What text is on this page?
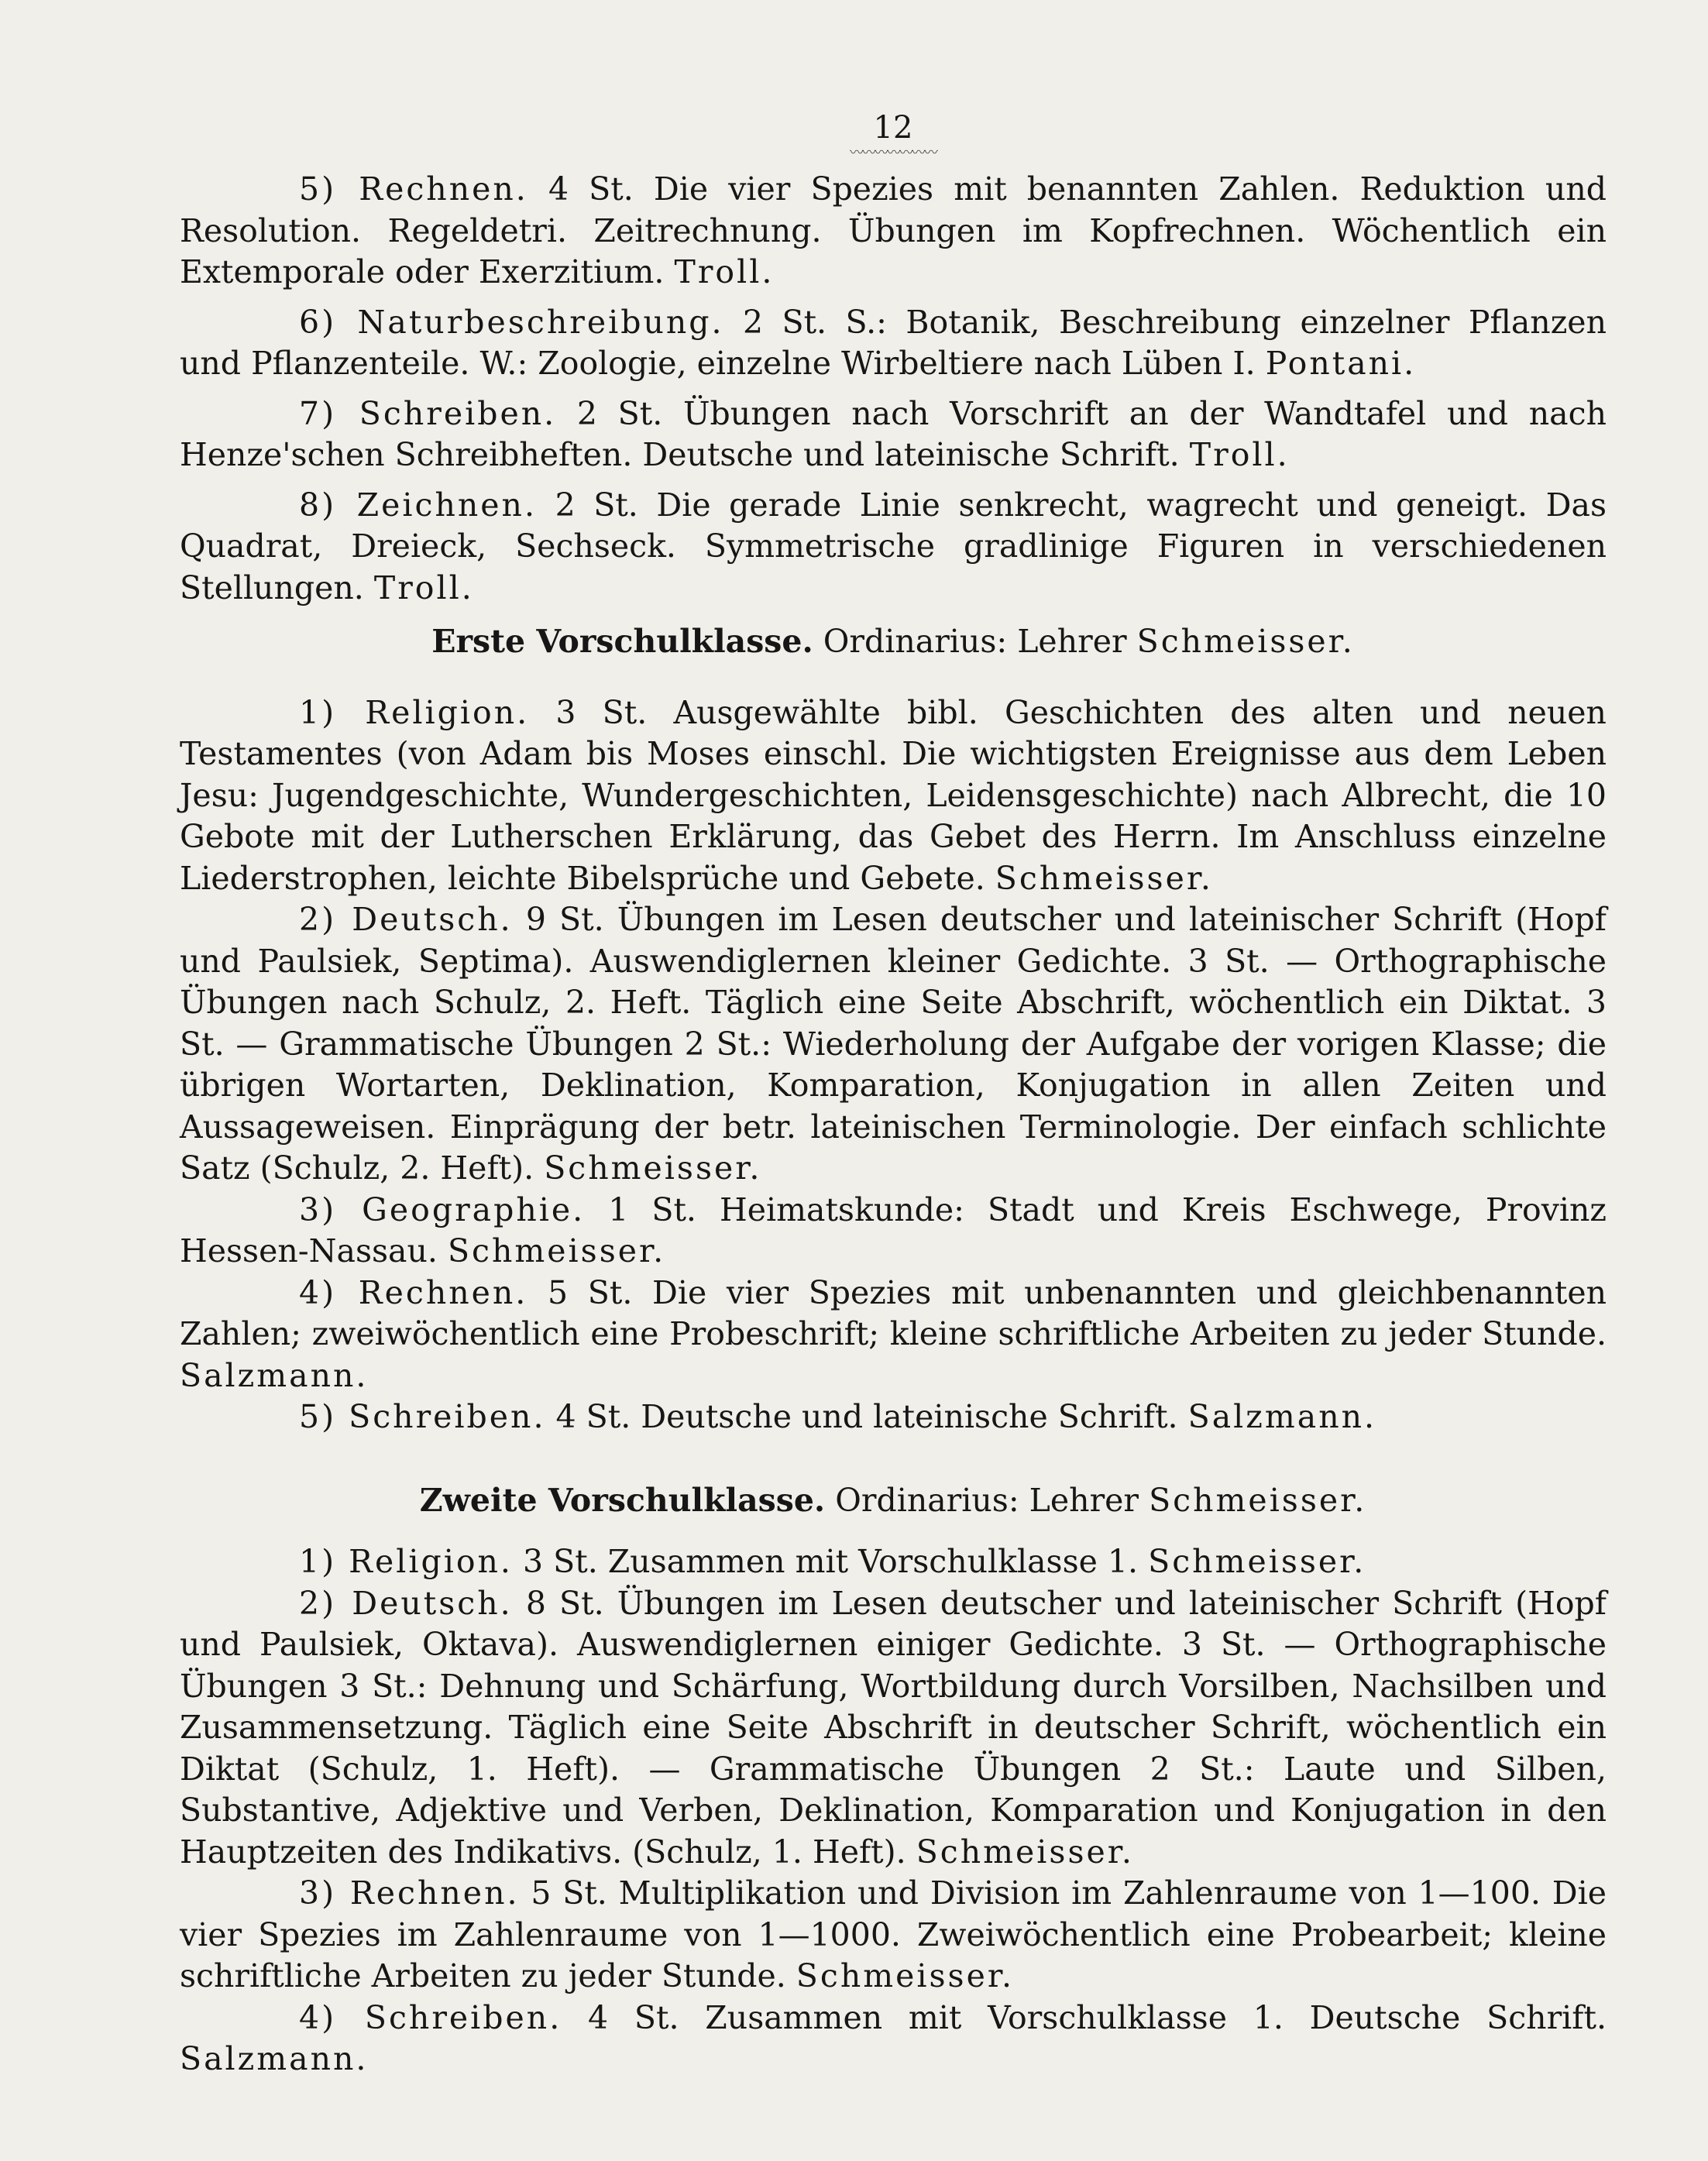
12
〰〰〰〰〰〰〰

5) Rechnen. 4 St. Die vier Spezies mit benannten Zahlen. Reduktion und Resolution. Regeldetri. Zeitrechnung. Übungen im Kopfrechnen. Wöchentlich ein Extemporale oder Exerzitium. Troll.

6) Naturbeschreibung. 2 St. S.: Botanik, Beschreibung einzelner Pflanzen und Pflanzenteile. W.: Zoologie, einzelne Wirbeltiere nach Lüben I. Pontani.

7) Schreiben. 2 St. Übungen nach Vorschrift an der Wandtafel und nach Henze'schen Schreibheften. Deutsche und lateinische Schrift. Troll.

8) Zeichnen. 2 St. Die gerade Linie senkrecht, wagrecht und geneigt. Das Quadrat, Dreieck, Sechseck. Symmetrische gradlinige Figuren in verschiedenen Stellungen. Troll.

Erste Vorschulklasse. Ordinarius: Lehrer Schmeisser.

1) Religion. 3 St. Ausgewählte bibl. Geschichten des alten und neuen Testamentes (von Adam bis Moses einschl. Die wichtigsten Ereignisse aus dem Leben Jesu: Jugendgeschichte, Wundergeschichten, Leidensgeschichte) nach Albrecht, die 10 Gebote mit der Lutherschen Erklärung, das Gebet des Herrn. Im Anschluss einzelne Liederstrophen, leichte Bibelsprüche und Gebete. Schmeisser.

2) Deutsch. 9 St. Übungen im Lesen deutscher und lateinischer Schrift (Hopf und Paulsiek, Septima). Auswendiglernen kleiner Gedichte. 3 St. — Orthographische Übungen nach Schulz, 2. Heft. Täglich eine Seite Abschrift, wöchentlich ein Diktat. 3 St. — Grammatische Übungen 2 St.: Wiederholung der Aufgabe der vorigen Klasse; die übrigen Wortarten, Deklination, Komparation, Konjugation in allen Zeiten und Aussageweisen. Einprägung der betr. lateinischen Terminologie. Der einfach schlichte Satz (Schulz, 2. Heft). Schmeisser.

3) Geographie. 1 St. Heimatskunde: Stadt und Kreis Eschwege, Provinz Hessen-Nassau. Schmeisser.

4) Rechnen. 5 St. Die vier Spezies mit unbenannten und gleichbenannten Zahlen; zweiwöchentlich eine Probeschrift; kleine schriftliche Arbeiten zu jeder Stunde. Salzmann.

5) Schreiben. 4 St. Deutsche und lateinische Schrift. Salzmann.

Zweite Vorschulklasse. Ordinarius: Lehrer Schmeisser.

1) Religion. 3 St. Zusammen mit Vorschulklasse 1. Schmeisser.

2) Deutsch. 8 St. Übungen im Lesen deutscher und lateinischer Schrift (Hopf und Paulsiek, Oktava). Auswendiglernen einiger Gedichte. 3 St. — Orthographische Übungen 3 St.: Dehnung und Schärfung, Wortbildung durch Vorsilben, Nachsilben und Zusammensetzung. Täglich eine Seite Abschrift in deutscher Schrift, wöchentlich ein Diktat (Schulz, 1. Heft). — Grammatische Übungen 2 St.: Laute und Silben, Substantive, Adjektive und Verben, Deklination, Komparation und Konjugation in den Hauptzeiten des Indikativs. (Schulz, 1. Heft). Schmeisser.

3) Rechnen. 5 St. Multiplikation und Division im Zahlenraume von 1—100. Die vier Spezies im Zahlenraume von 1—1000. Zweiwöchentlich eine Probearbeit; kleine schriftliche Arbeiten zu jeder Stunde. Schmeisser.

4) Schreiben. 4 St. Zusammen mit Vorschulklasse 1. Deutsche Schrift. Salzmann.
